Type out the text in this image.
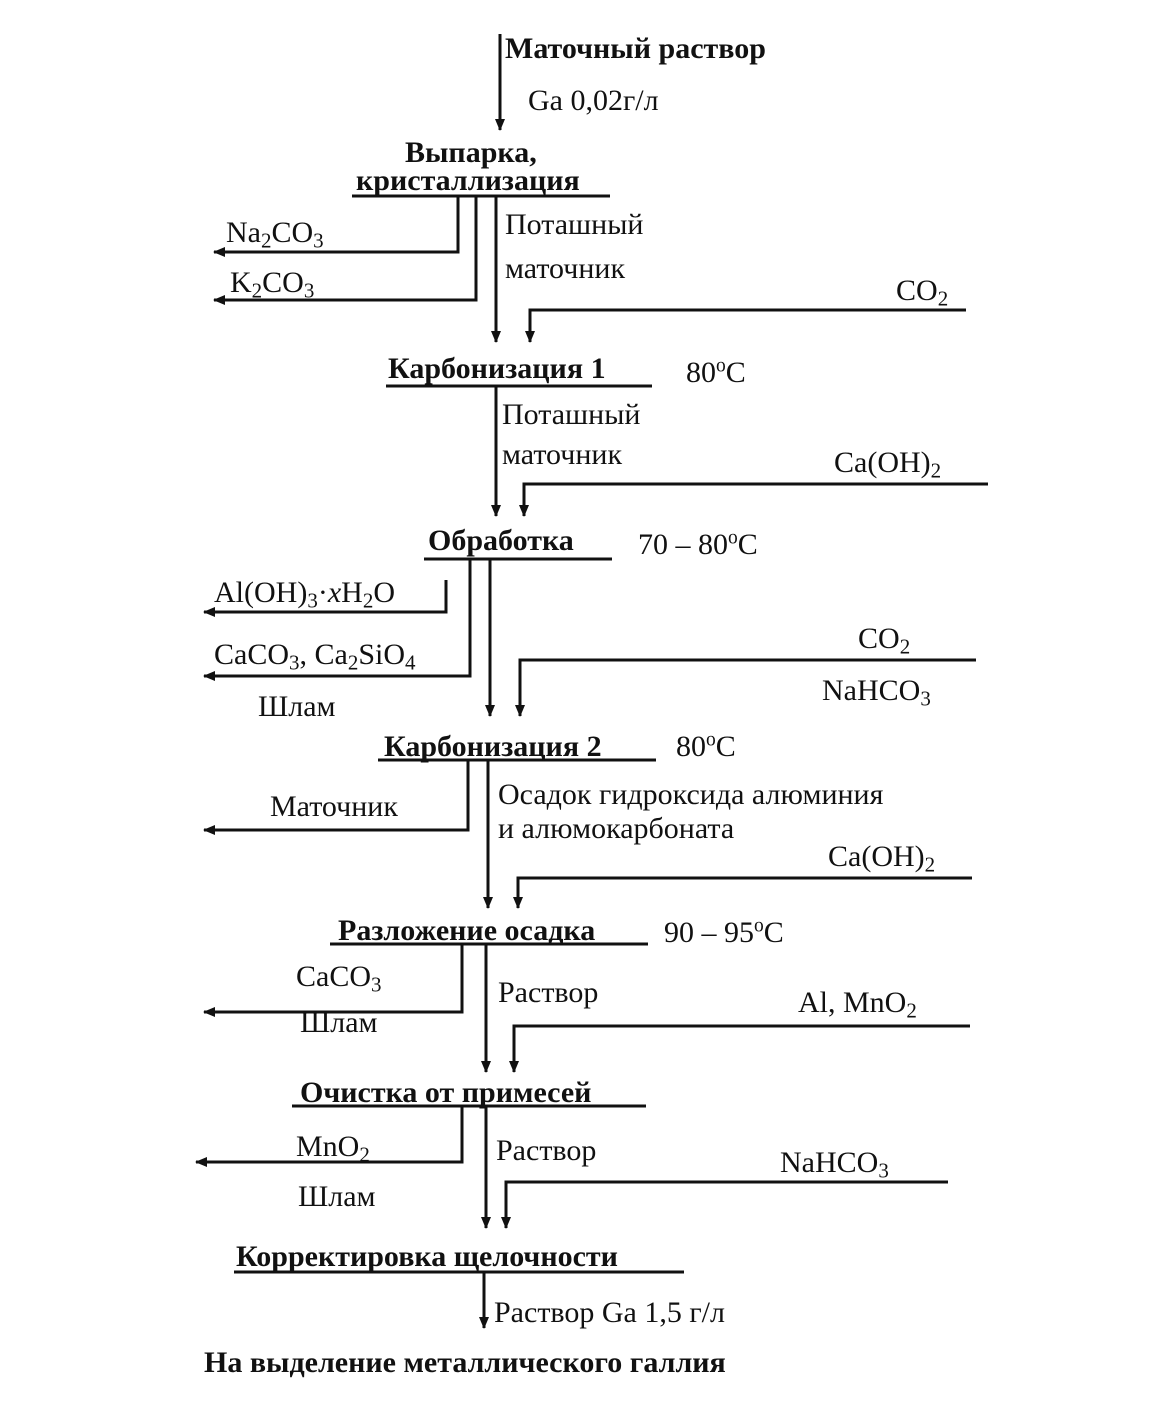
Маточный раствор
Ga 0,02г/л
Выпарка,
кристаллизация
$Na_2CO_3$
$K_2CO_3$
Поташный
маточник
$CO_2$
Карбонизация 1	80$^o$C
Поташный
маточник	$Ca(OH)_2$
Обработка 70 – 80$^o$C
$Al(OH)_3\cdot xH_2O$
CaCO$_3$, $Ca_2SiO_4$
Шлам
$CO_2$
NaHCO$_3$
Карбонизация 2 80$^o$C
Маточник	Осадок гидроксида алюминия
и алюмокарбоната
$Ca(OH)_2$
Разложение осадка 90 – 95$^o$C
CaCO$_3$
Шлам
Раствор	Al, MnO$_2$
Очистка от примесей
MnO$_2$
Шлам
Раствор	NaHCO$_3$
Корректировка щелочности
Раствор Ga 1,5 г/л
На выделение металлического галлия
